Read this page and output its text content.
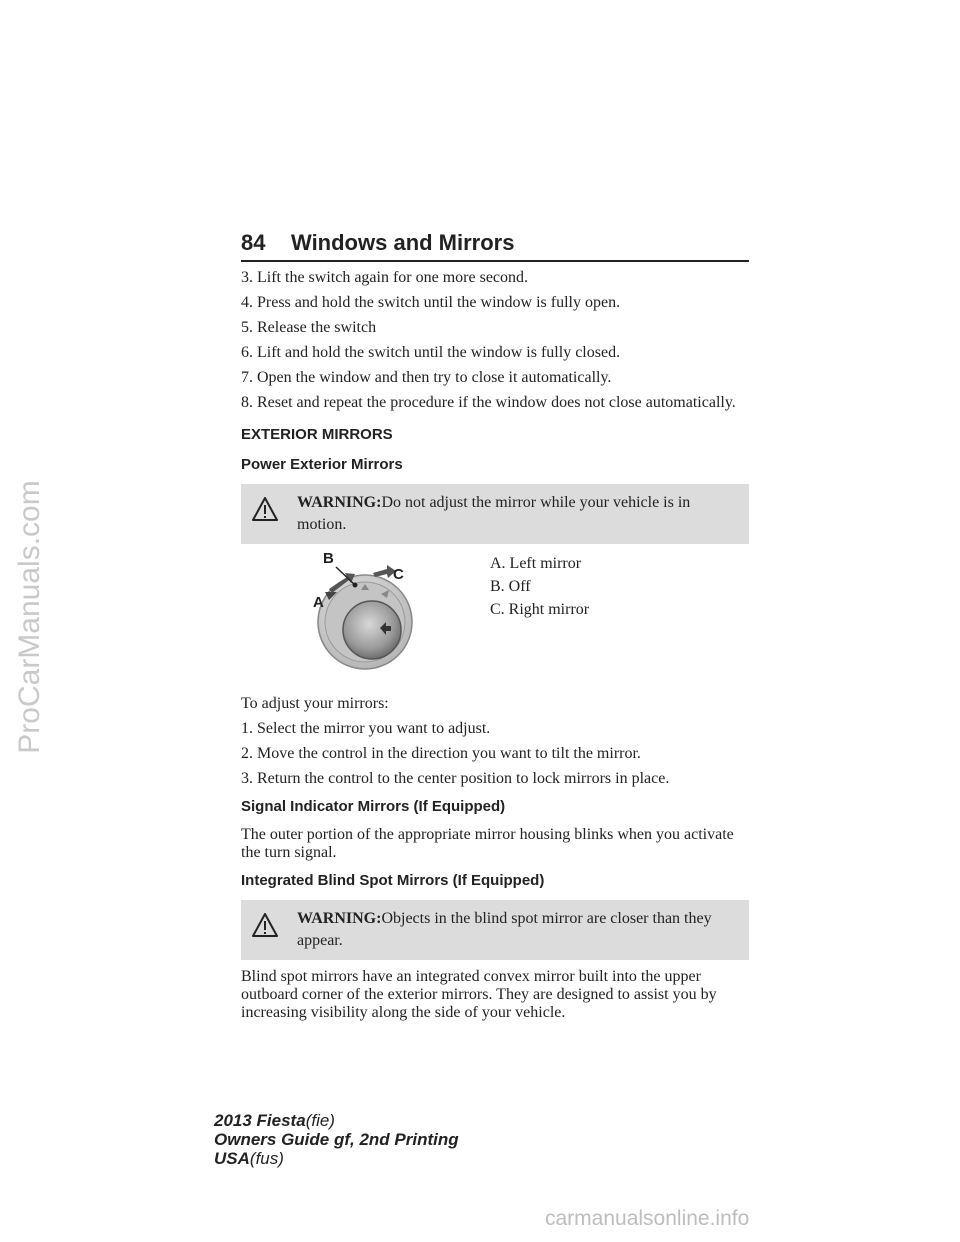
ProCarManuals.com
84 Windows and Mirrors

3. Lift the switch again for one more second.

4. Press and hold the switch until the window is fully open.

5. Release the switch

6. Lift and hold the switch until the window is fully closed.

7. Open the window and then try to close it automatically.

8. Reset and repeat the procedure if the window does not close automatically.

EXTERIOR MIRRORS
Power Exterior Mirrors
WARNING:Do not adjust the mirror while your vehicle is in motion.
B
C
A

A. Left mirror

B. Off

C. Right mirror

To adjust your mirrors:

1. Select the mirror you want to adjust.

2. Move the control in the direction you want to tilt the mirror.

3. Return the control to the center position to lock mirrors in place.

Signal Indicator Mirrors (If Equipped)

The outer portion of the appropriate mirror housing blinks when you activate the turn signal.

Integrated Blind Spot Mirrors (If Equipped)
WARNING:Objects in the blind spot mirror are closer than they appear.

Blind spot mirrors have an integrated convex mirror built into the upper outboard corner of the exterior mirrors. They are designed to assist you by increasing visibility along the side of your vehicle.

2013 Fiesta(fie)
Owners Guide gf, 2nd Printing
USA(fus)
carmanualsonline.info
